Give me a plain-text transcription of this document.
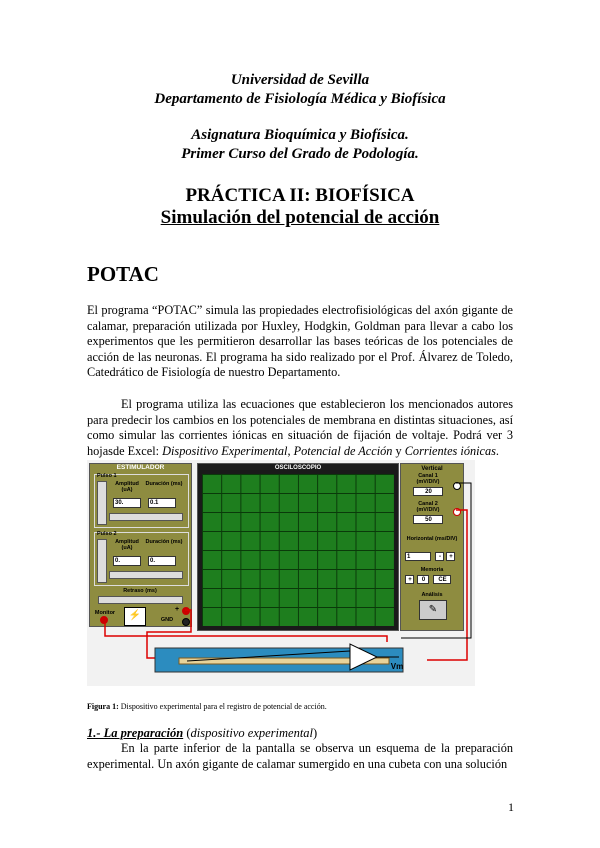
Universidad de Sevilla
Departamento de Fisiología Médica y Biofísica
Asignatura Bioquímica y Biofísica.
Primer Curso del Grado de Podología.
PRÁCTICA II: BIOFÍSICA
Simulación del potencial de acción
POTAC

El programa “POTAC” simula las propiedades electrofisiológicas del axón gigante de calamar, preparación utilizada por Huxley, Hodgkin, Goldman para llevar a cabo los experimentos que les permitieron desarrollar las bases teóricas de los potenciales de acción de las neuronas. El programa ha sido realizado por el Prof. Álvarez de Toledo, Catedrático de Fisiología de nuestro Departamento.

El programa utiliza las ecuaciones que establecieron los mencionados autores para predecir los cambios en los potenciales de membrana en distintas situaciones, así como simular las corrientes iónicas en situación de fijación de voltaje. Podrá ver 3 hojasde Excel: Dispositivo Experimental, Potencial de Acción y Corrientes iónicas.

ESTIMULADOR
Pulso 1
Amplitud (uA)
Duración (ms)
30.	0.1
Pulso 2
Amplitud (uA)
Duración (ms)
0.	0.
Retraso (ms)
Monitor	⚡
+
GND
OSCILOSCOPIO	Vertical
Canal 1 (mV/DIV)
20
Canal 2 (mV/DIV)
50
Horizontal (ms/DIV)
1	-	+
Memoria
+	0	CE
Análisis
✎
Vm
Figura 1: Dispositivo experimental para el registro de potencial de acción.
1.- La preparación (dispositivo experimental)
En la parte inferior de la pantalla se observa un esquema de la preparación experimental. Un axón gigante de calamar sumergido en una cubeta con una solución
1
